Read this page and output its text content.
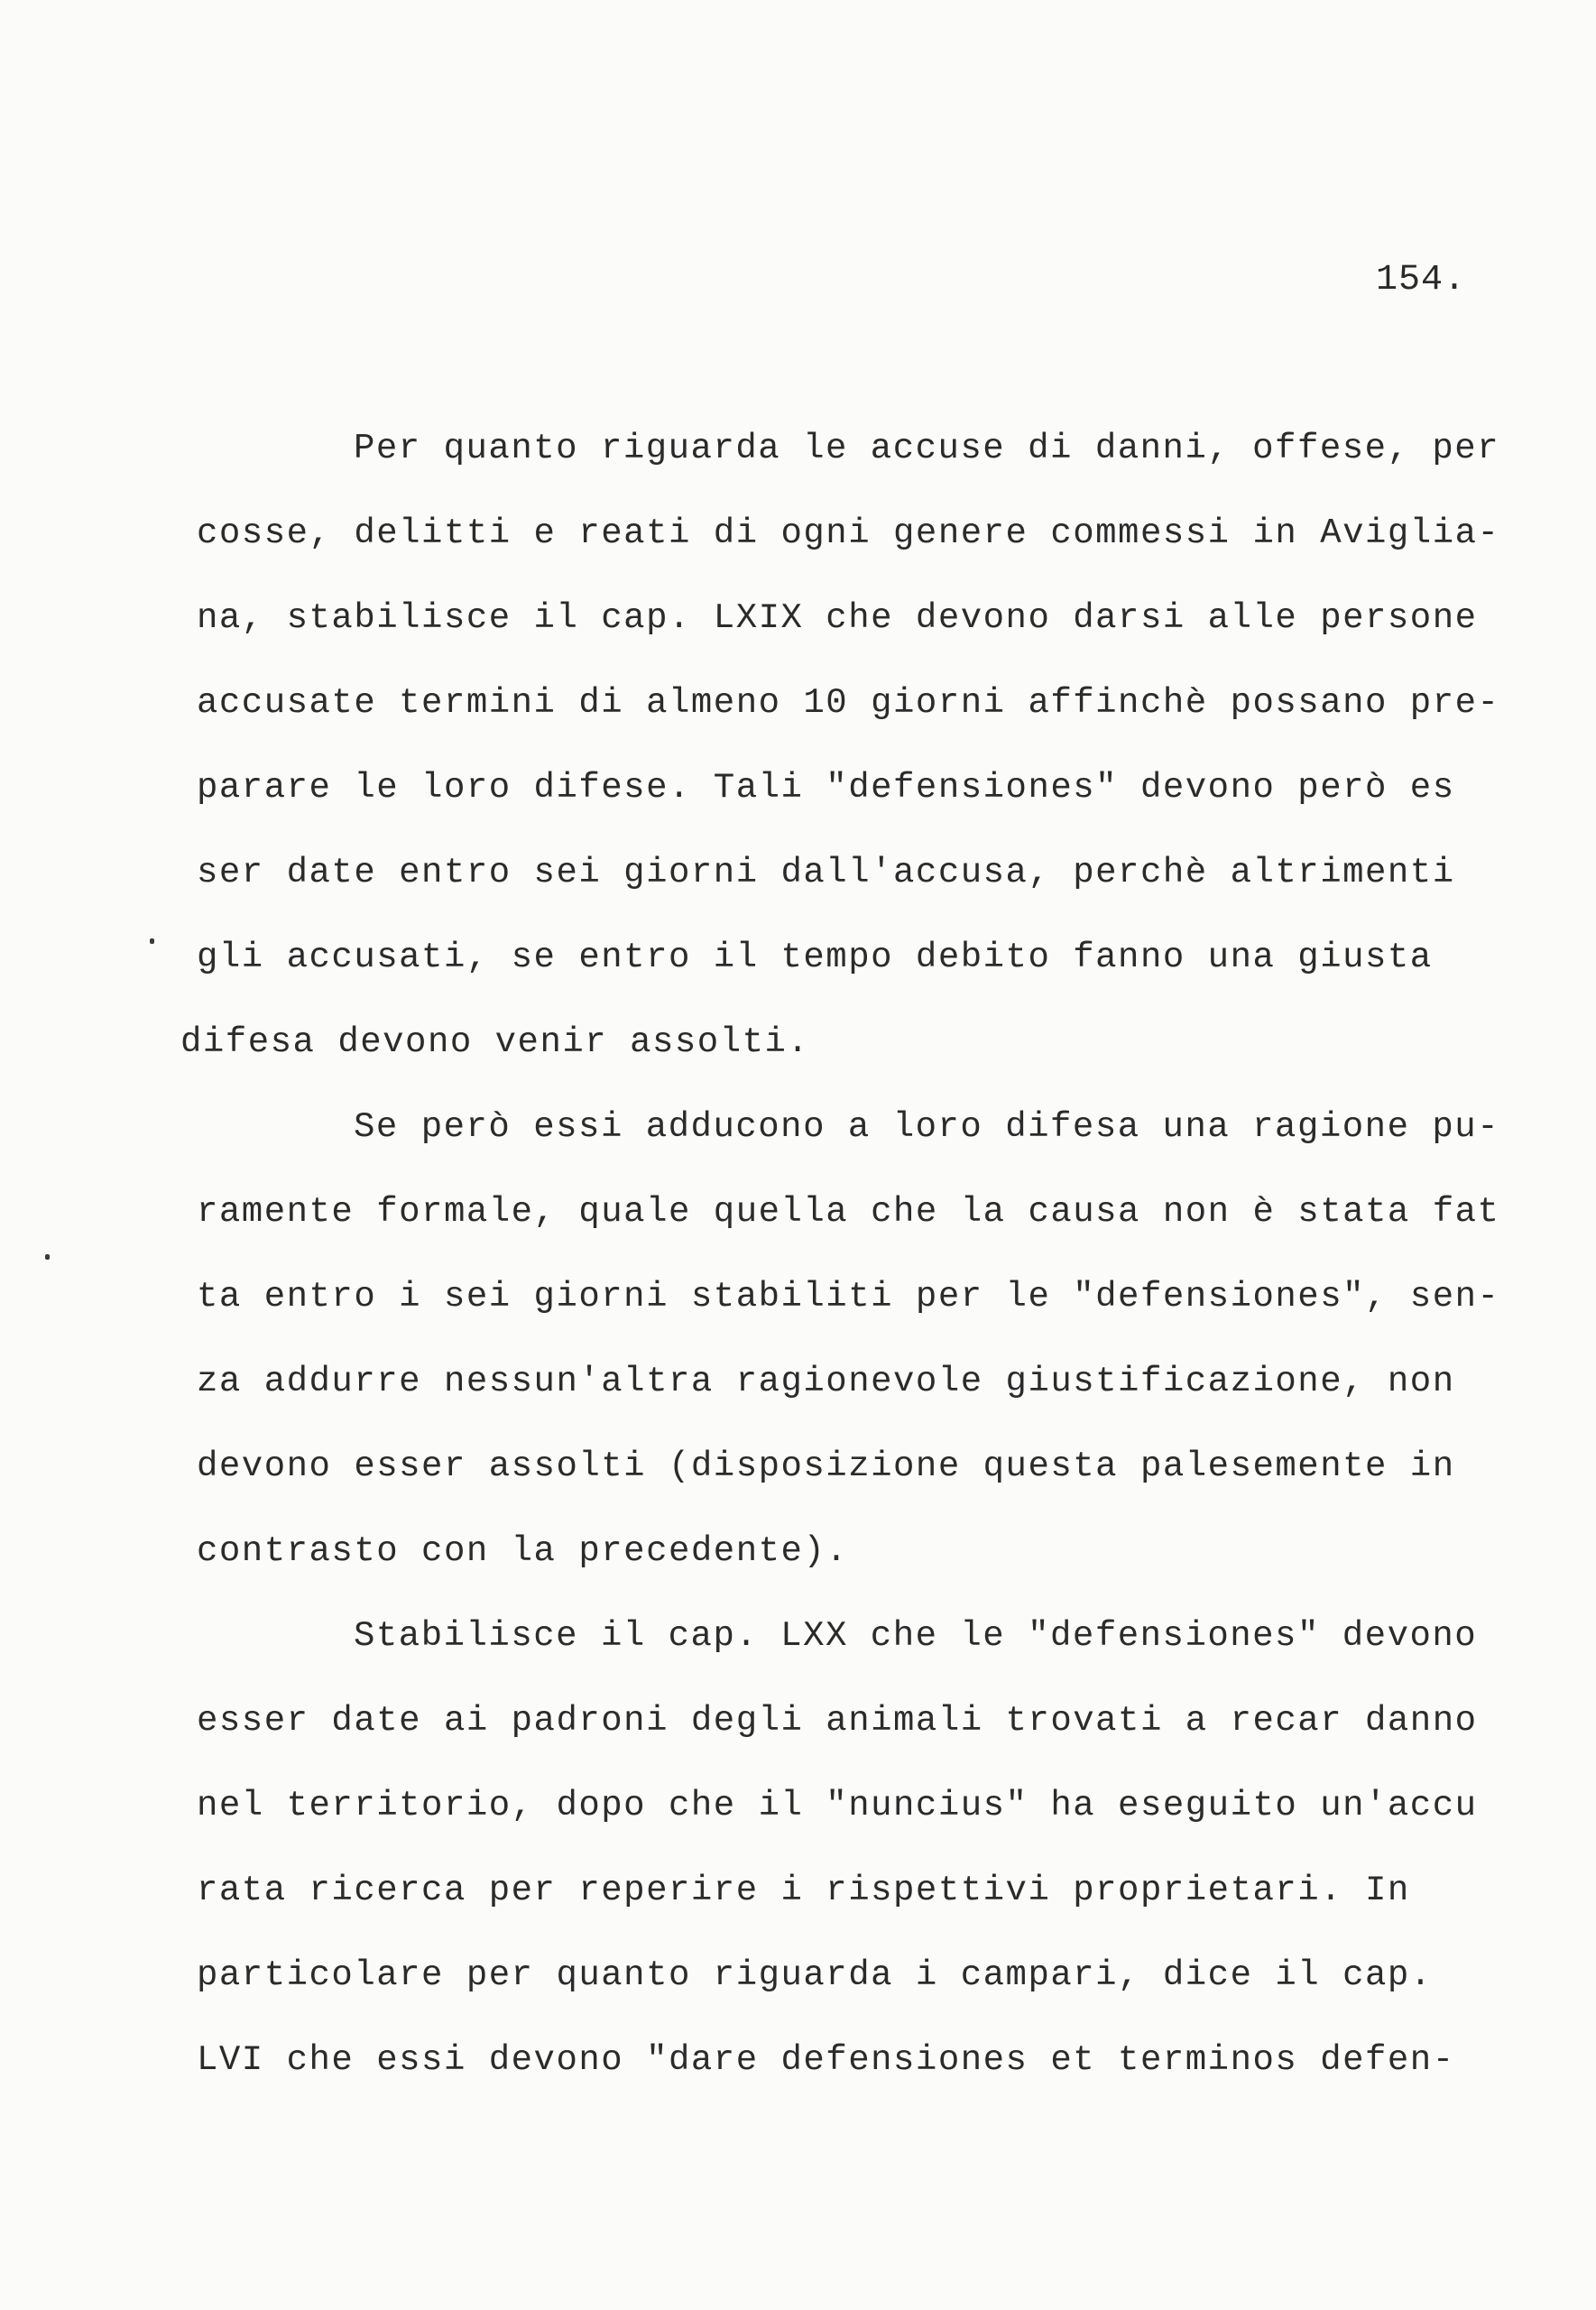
154.
Per quanto riguarda le accuse di danni, offese, per
cosse, delitti e reati di ogni genere commessi in Aviglia-
na, stabilisce il cap. LXIX che devono darsi alle persone
accusate termini di almeno 10 giorni affinchè possano pre-
parare le loro difese. Tali "defensiones" devono però es
ser date entro sei giorni dall'accusa, perchè altrimenti
gli accusati, se entro il tempo debito fanno una giusta
difesa devono venir assolti.
Se però essi adducono a loro difesa una ragione pu-
ramente formale, quale quella che la causa non è stata fat
ta entro i sei giorni stabiliti per le "defensiones", sen-
za addurre nessun'altra ragionevole giustificazione, non
devono esser assolti (disposizione questa palesemente in
contrasto con la precedente).
Stabilisce il cap. LXX che le "defensiones" devono
esser date ai padroni degli animali trovati a recar danno
nel territorio, dopo che il "nuncius" ha eseguito un'accu
rata ricerca per reperire i rispettivi proprietari. In
particolare per quanto riguarda i campari, dice il cap.
LVI che essi devono "dare defensiones et terminos defen-
